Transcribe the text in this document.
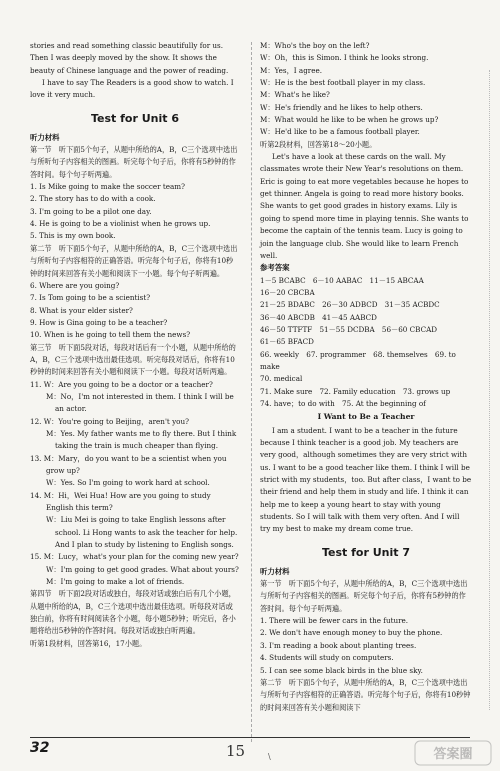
stories and read something classic beautifully for us. Then I was deeply moved by the show. It shows the beauty of Chinese language and the power of reading.

I have to say The Readers is a good show to watch. I love it very much.

Test for Unit 6

听力材料

第一节　听下面5个句子，从题中所给的A，B，C三个选项中选出与所听句子内容相关的图画。听完每个句子后，你将有5秒钟的作答时间。每个句子听两遍。

1. Is Mike going to make the soccer team?

2. The story has to do with a cook.

3. I'm going to be a pilot one day.

4. He is going to be a violinist when he grows up.

5. This is my own book.

第二节　听下面5个句子，从题中所给的A，B，C三个选项中选出与所听句子内容相符的正确答语。听完每个句子后，你将有10秒钟的时间来回答有关小题和阅读下一小题。每个句子听两遍。

6. Where are you going?

7. Is Tom going to be a scientist?

8. What is your elder sister?

9. How is Gina going to be a teacher?

10. When is he going to tell them the news?

第三节　听下面5段对话，每段对话后有一个小题，从题中所给的A，B，C三个选项中选出最佳选项。听完每段对话后，你将有10秒钟的时间来回答有关小题和阅读下一小题。每段对话听两遍。

11. W：Are you going to be a doctor or a teacher?

M：No，I'm not interested in them. I think I will be an actor.

12. W：You're going to Beijing，aren't you?

M：Yes. My father wants me to fly there. But I think taking the train is much cheaper than flying.

13. M：Mary，do you want to be a scientist when you grow up?

W：Yes. So I'm going to work hard at school.

14. M：Hi，Wei Hua! How are you going to study English this term?

W：Liu Mei is going to take English lessons after school. Li Hong wants to ask the teacher for help. And I plan to study by listening to English songs.

15. M：Lucy，what's your plan for the coming new year?

W：I'm going to get good grades. What about yours?

M：I'm going to make a lot of friends.

第四节　听下面2段对话或独白，每段对话或独白后有几个小题，从题中所给的A，B，C三个选项中选出最佳选项。听每段对话或独白前，你将有时间阅读各个小题，每小题5秒钟；听完后，各小题将给出5秒钟的作答时间。每段对话或独白听两遍。

听第1段材料，回答第16，17小题。

M：Who's the boy on the left?

W：Oh，this is Simon. I think he looks strong.

M：Yes，I agree.

W：He is the best football player in my class.

M：What's he like?

W：He's friendly and he likes to help others.

M：What would he like to be when he grows up?

W：He'd like to be a famous football player.

听第2段材料，回答第18～20小题。

Let's have a look at these cards on the wall. My classmates wrote their New Year's resolutions on them. Eric is going to eat more vegetables because he hopes to get thinner. Angela is going to read more history books. She wants to get good grades in history exams. Lily is going to spend more time in playing tennis. She wants to become the captain of the tennis team. Lucy is going to join the language club. She would like to learn French well.

参考答案

1－5 BCABC　6－10 AABAC　11－15 ABCAA

16－20 CBCBA

21－25 BDABC　26－30 ADBCD　31－35 ACBDC

36－40 ABCDB　41－45 AABCD

46－50 TTFTF　51－55 DCDBA　56－60 CBCAD

61－65 BFACD

66. weekly　67. programmer　68. themselves　69. to make

70. medical

71. Make sure　72. Family education　73. grows up

74. have；to do with　75. At the beginning of

I Want to Be a Teacher

I am a student. I want to be a teacher in the future because I think teacher is a good job. My teachers are very good，although sometimes they are very strict with us. I want to be a good teacher like them. I think I will be strict with my students，too. But after class，I want to be their friend and help them in study and life. I think it can help me to keep a young heart to stay with young students. So I will talk with them very often. And I will try my best to make my dream come true.

Test for Unit 7

听力材料

第一节　听下面5个句子，从题中所给的A，B，C三个选项中选出与所听句子内容相关的图画。听完每个句子后，你将有5秒钟的作答时间。每个句子听两遍。

1. There will be fewer cars in the future.

2. We don't have enough money to buy the phone.

3. I'm reading a book about planting trees.

4. Students will study on computers.

5. I can see some black birds in the blue sky.

第二节　听下面5个句子，从题中所给的A，B，C三个选项中选出与所听句子内容相符的正确答语。听完每个句子后，你将有10秒钟的时间来回答有关小题和阅读下

32	15	\	答案圈
